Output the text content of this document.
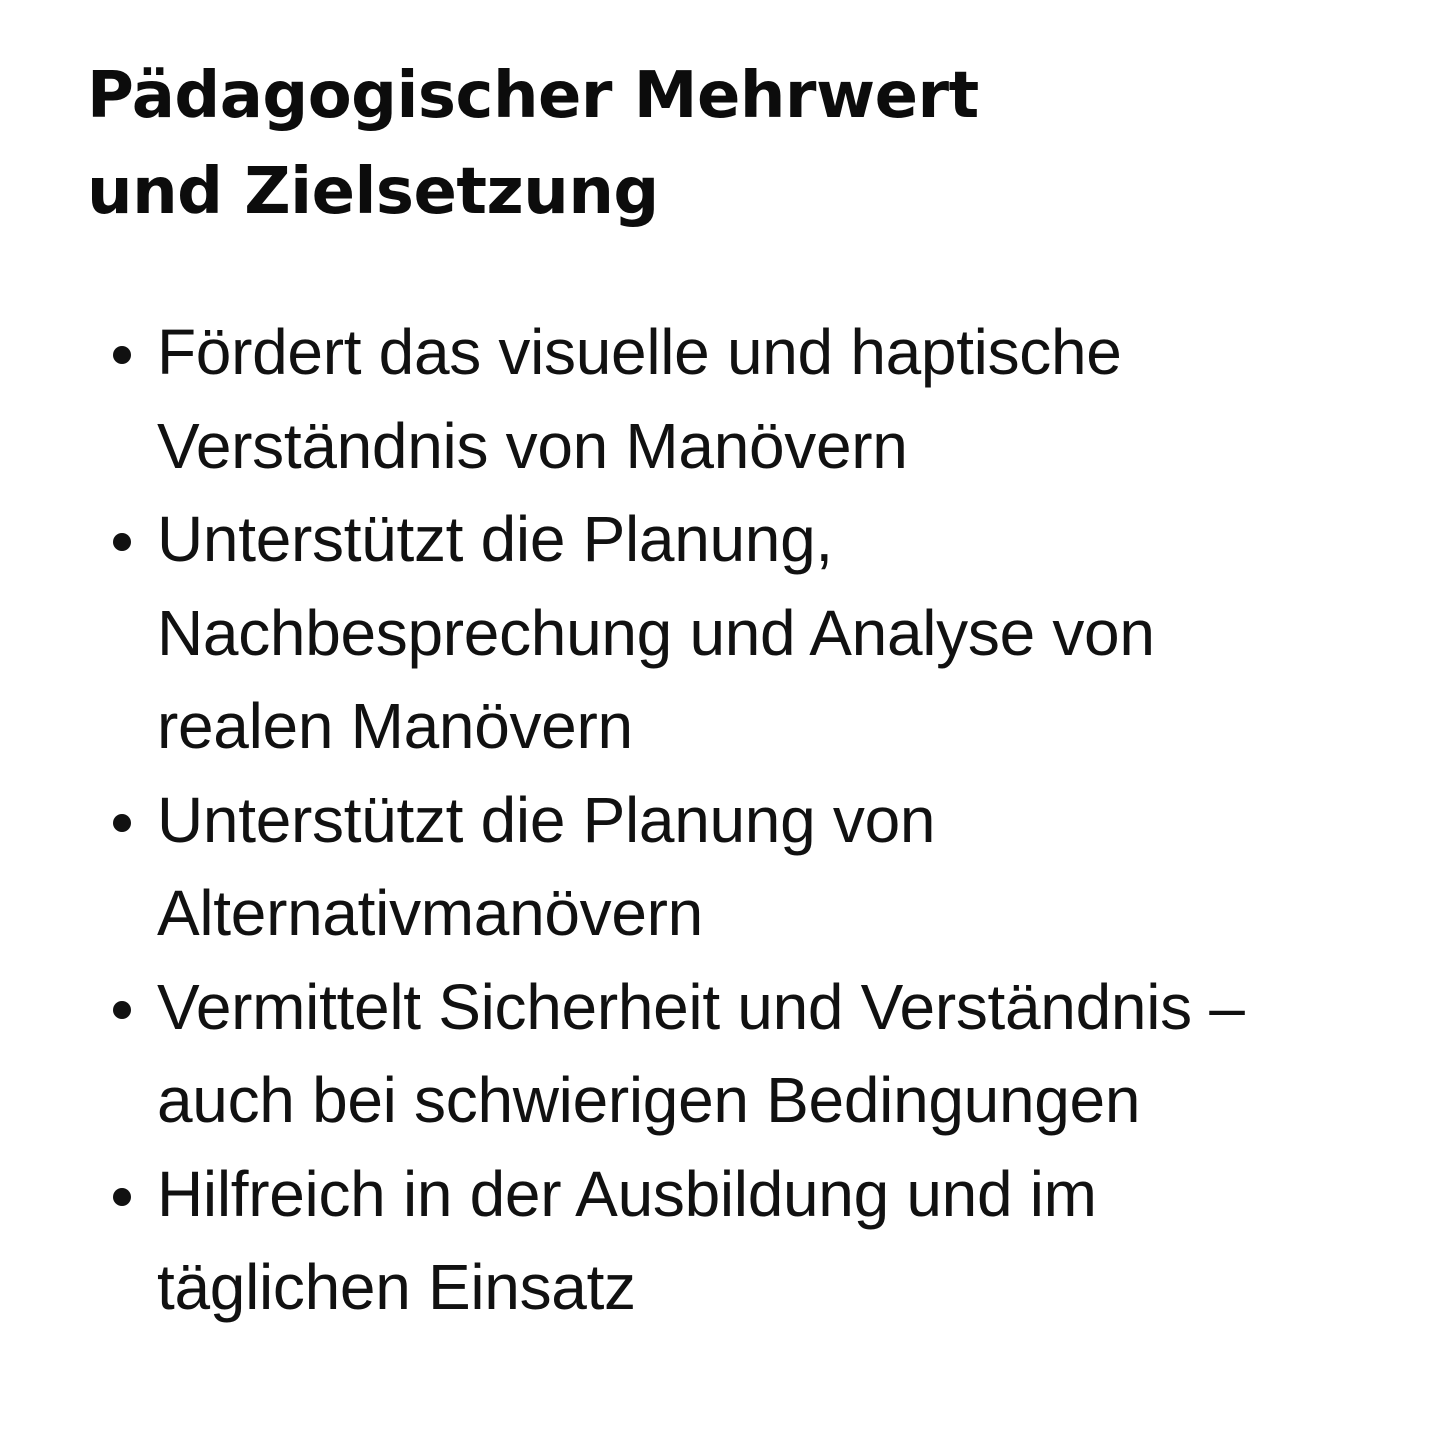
Pädagogischer Mehrwert
und Zielsetzung
Fördert das visuelle und haptische
Verständnis von Manövern
Unterstützt die Planung,
Nachbesprechung und Analyse von
realen Manövern
Unterstützt die Planung von
Alternativmanövern
Vermittelt Sicherheit und Verständnis –
auch bei schwierigen Bedingungen
Hilfreich in der Ausbildung und im
täglichen Einsatz
